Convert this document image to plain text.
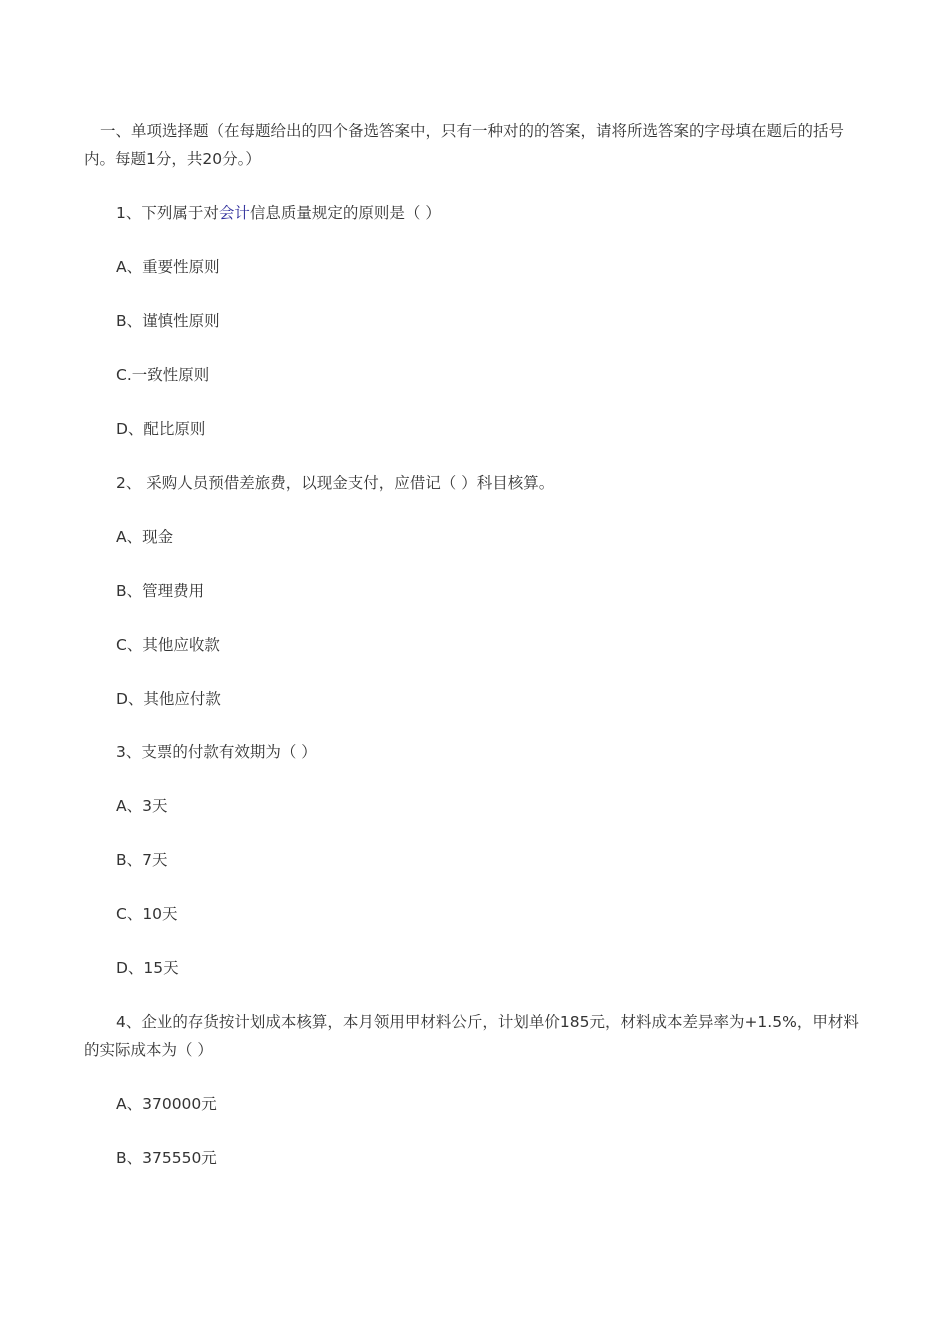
一、单项选择题（在每题给出的四个备选答案中，只有一种对的的答案，请将所选答案的字母填在题后的括号内。每题1分，共20分。）
1、下列属于对会计信息质量规定的原则是（ ）
A、重要性原则
B、谨慎性原则
C.一致性原则
D、配比原则
2、 采购人员预借差旅费，以现金支付，应借记（ ）科目核算。
A、现金
B、管理费用
C、其他应收款
D、其他应付款
3、支票的付款有效期为（ ）
A、3天
B、7天
C、10天
D、15天
4、企业的存货按计划成本核算，本月领用甲材料公斤，计划单价185元，材料成本差异率为+1.5%，甲材料的实际成本为（ ）
A、370000元
B、375550元
